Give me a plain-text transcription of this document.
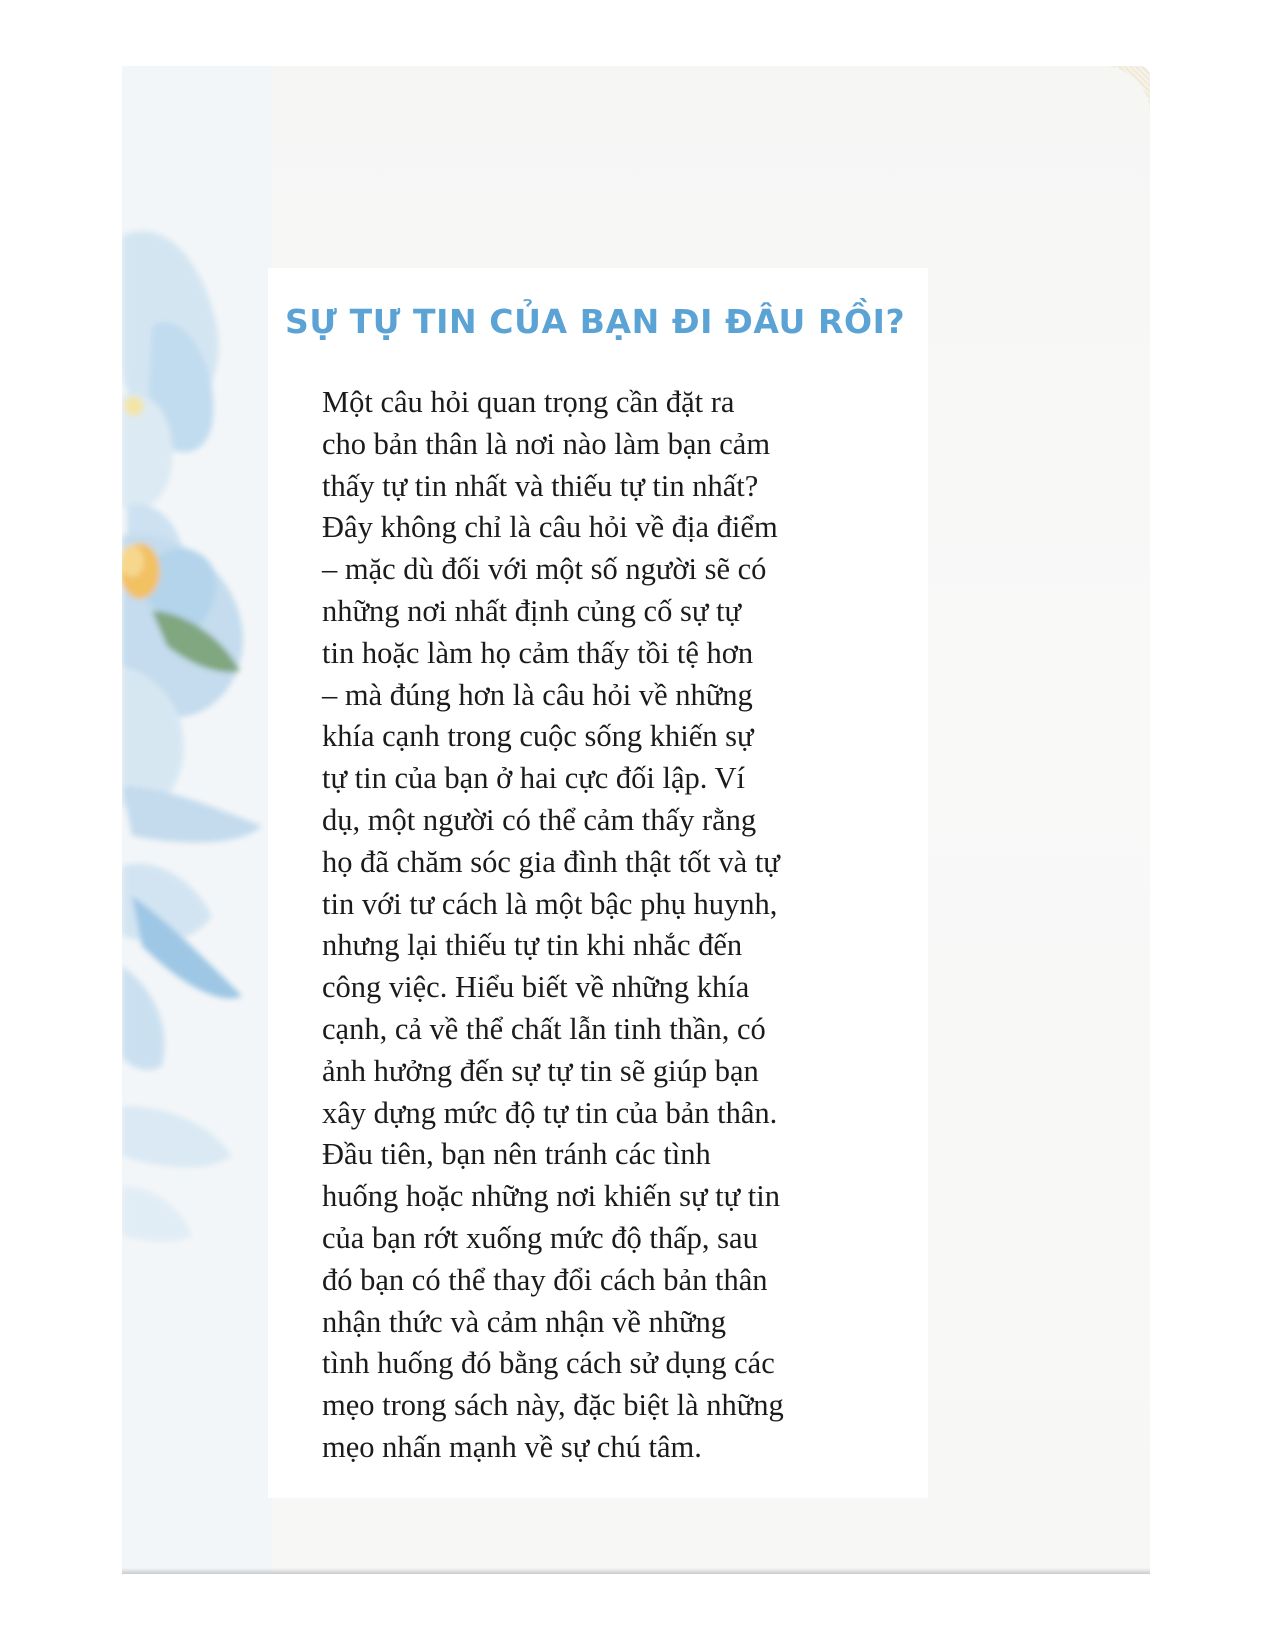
SỰ TỰ TIN CỦA BẠN ĐI ĐÂU RỒI?
Một câu hỏi quan trọng cần đặt ra
cho bản thân là nơi nào làm bạn cảm
thấy tự tin nhất và thiếu tự tin nhất?
Đây không chỉ là câu hỏi về địa điểm
– mặc dù đối với một số người sẽ có
những nơi nhất định củng cố sự tự
tin hoặc làm họ cảm thấy tồi tệ hơn
– mà đúng hơn là câu hỏi về những
khía cạnh trong cuộc sống khiến sự
tự tin của bạn ở hai cực đối lập. Ví
dụ, một người có thể cảm thấy rằng
họ đã chăm sóc gia đình thật tốt và tự
tin với tư cách là một bậc phụ huynh,
nhưng lại thiếu tự tin khi nhắc đến
công việc. Hiểu biết về những khía
cạnh, cả về thể chất lẫn tinh thần, có
ảnh hưởng đến sự tự tin sẽ giúp bạn
xây dựng mức độ tự tin của bản thân.
Đầu tiên, bạn nên tránh các tình
huống hoặc những nơi khiến sự tự tin
của bạn rớt xuống mức độ thấp, sau
đó bạn có thể thay đổi cách bản thân
nhận thức và cảm nhận về những
tình huống đó bằng cách sử dụng các
mẹo trong sách này, đặc biệt là những
mẹo nhấn mạnh về sự chú tâm.
